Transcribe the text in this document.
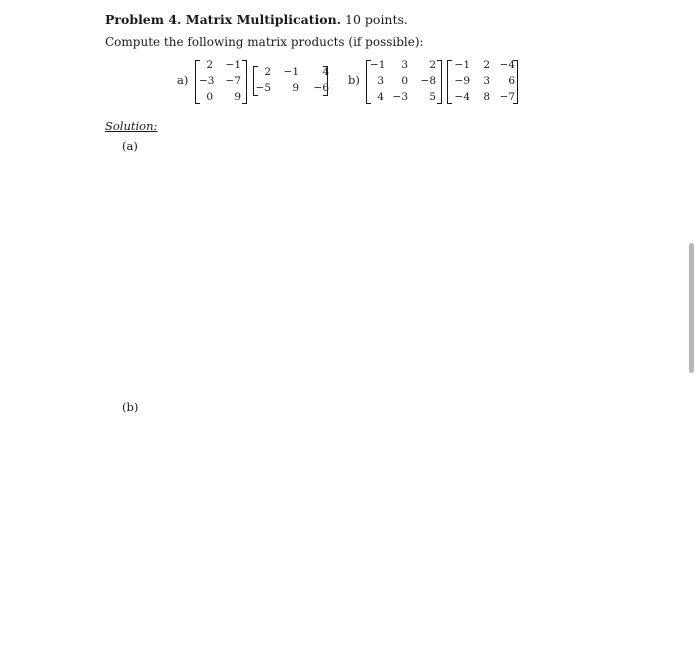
Problem 4. Matrix Multiplication. 10 points.
Compute the following matrix products (if possible):
a)
2	−1
−3	−7
0	9
2	−1	4
−5	9	−6
b)
−1	3	2
3	0	−8
4 −3	5
−1	2 −4
−9	3	6
−4	8 −7
Solution:
(a)
(b)
